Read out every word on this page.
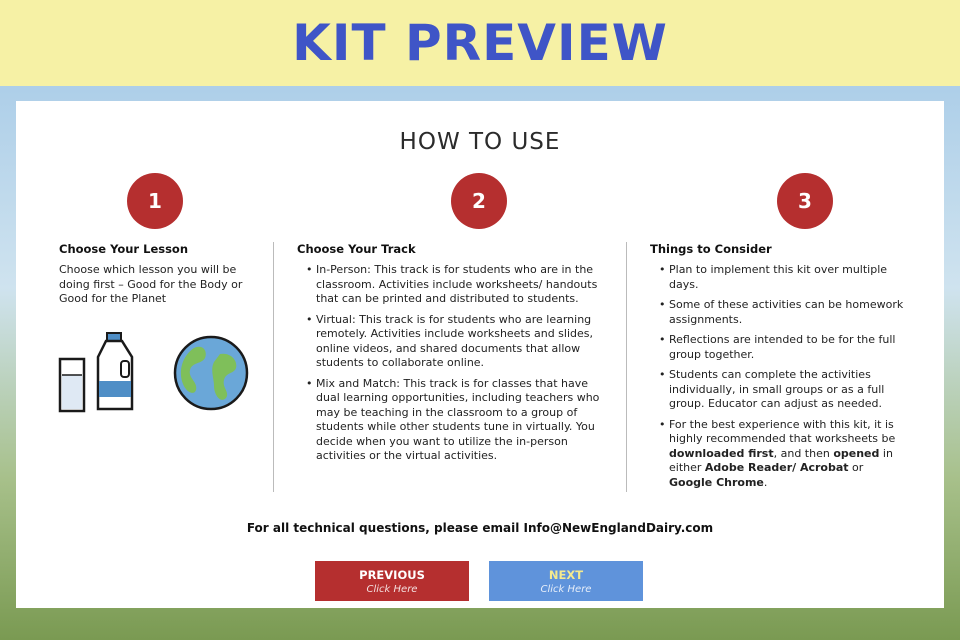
KIT PREVIEW
HOW TO USE
1	2	3
Choose Your Lesson
Choose which lesson you will be doing first – Good for the Body or Good for the Planet
Choose Your Track
• In-Person: This track is for students who are in the classroom. Activities include worksheets/ handouts that can be printed and distributed to students.
• Virtual: This track is for students who are learning remotely. Activities include worksheets and slides, online videos, and shared documents that allow students to collaborate online.
• Mix and Match: This track is for classes that have dual learning opportunities, including teachers who may be teaching in the classroom to a group of students while other students tune in virtually. You decide when you want to utilize the in-person activities or the virtual activities.
Things to Consider
• Plan to implement this kit over multiple days.
• Some of these activities can be homework assignments.
• Reflections are intended to be for the full group together.
• Students can complete the activities individually, in small groups or as a full group. Educator can adjust as needed.
• For the best experience with this kit, it is highly recommended that worksheets be downloaded first, and then opened in either Adobe Reader/ Acrobat or Google Chrome.
For all technical questions, please email Info@NewEnglandDairy.com
PREVIOUS
Click Here
NEXT
Click Here
